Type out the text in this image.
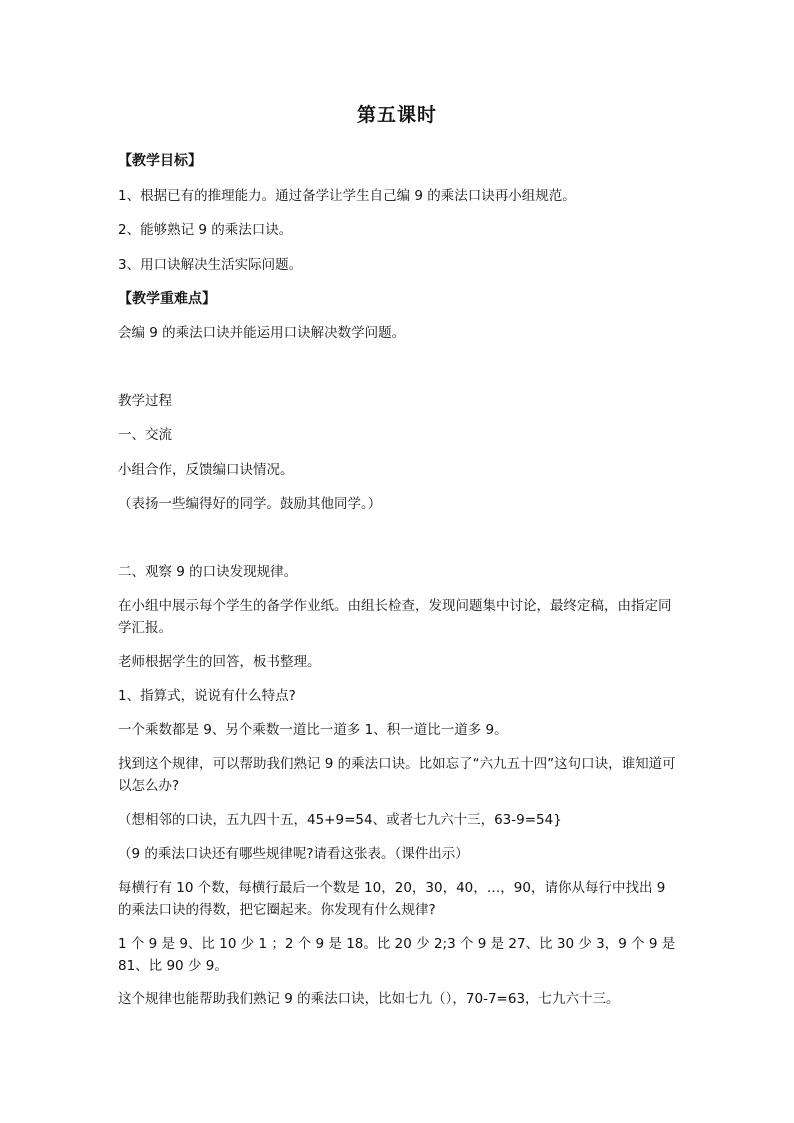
第五课时
【教学目标】
1、根据已有的推理能力。通过备学让学生自己编 9 的乘法口诀再小组规范。
2、能够熟记 9 的乘法口诀。
3、用口诀解决生活实际问题。
【教学重难点】
会编 9 的乘法口诀并能运用口诀解决数学问题。
教学过程
一、交流
小组合作，反馈编口诀情况。
（表扬一些编得好的同学。鼓励其他同学。）
二、观察 9 的口诀发现规律。
在小组中展示每个学生的备学作业纸。由组长检查，发现问题集中讨论，最终定稿，由指定同学汇报。
老师根据学生的回答，板书整理。
1、指算式，说说有什么特点?
一个乘数都是 9、另个乘数一道比一道多 1、积一道比一道多 9。
找到这个规律，可以帮助我们熟记 9 的乘法口诀。比如忘了“六九五十四”这句口诀，谁知道可以怎么办?
（想相邻的口诀，五九四十五，45+9=54、或者七九六十三，63-9=54}
（9 的乘法口诀还有哪些规律呢?请看这张表。（课件出示）
每横行有 10 个数，每横行最后一个数是 10，20，30，40，…，90，请你从每行中找出 9 的乘法口诀的得数，把它圈起来。你发现有什么规律?
1 个 9 是 9、比 10 少 1 ；2 个 9 是 18。比 20 少 2;3 个 9 是 27、比 30 少 3，9 个 9 是 81、比 90 少 9。
这个规律也能帮助我们熟记 9 的乘法口诀，比如七九（），70-7=63，七九六十三。
